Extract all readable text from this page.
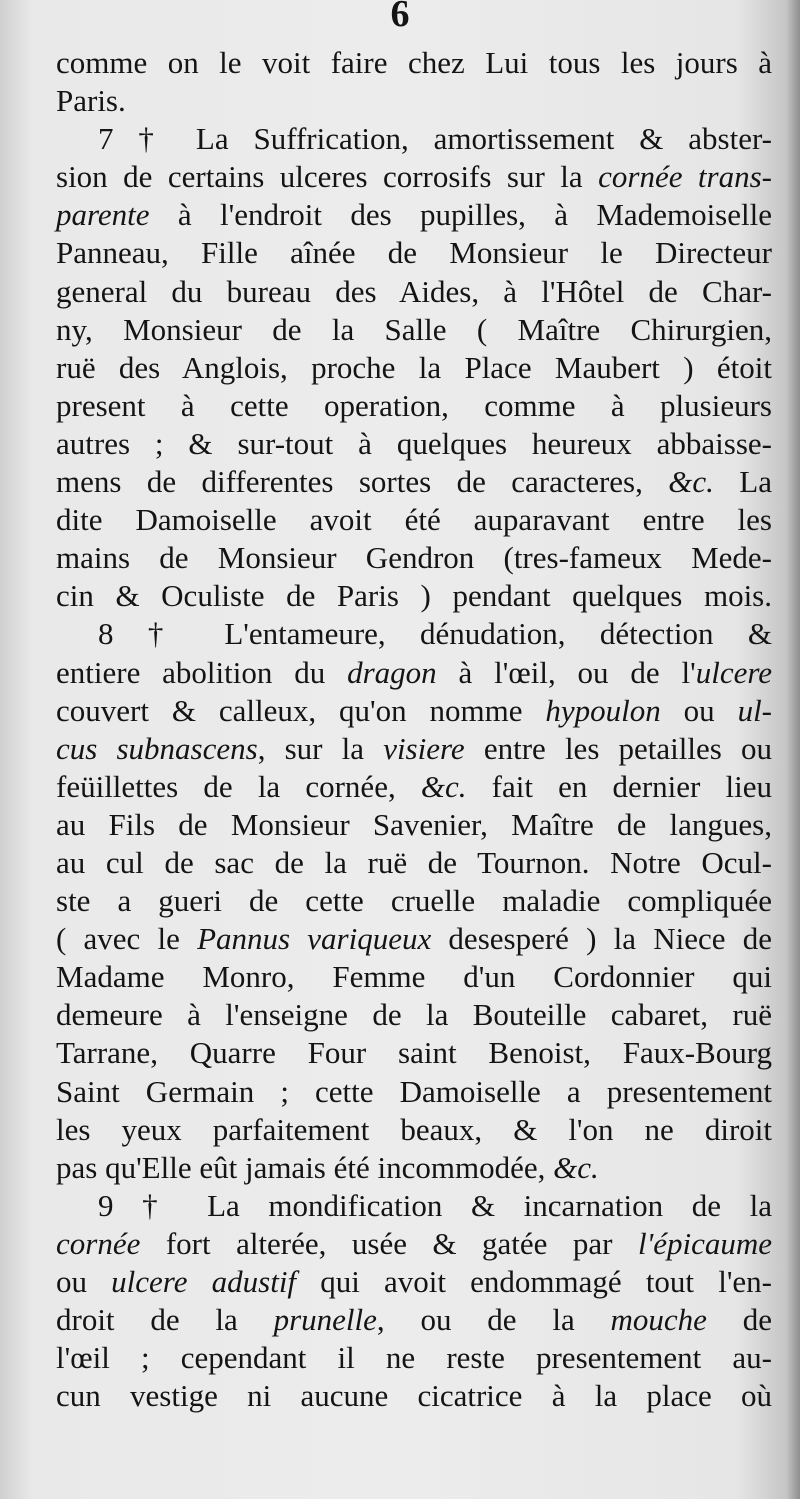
6
comme on le voit faire chez Lui tous les jours à
Paris.
7 † La Suffrication, amortissement & abster-
sion de certains ulceres corrosifs sur la cornée trans-
parente à l'endroit des pupilles, à Mademoiselle
Panneau, Fille aînée de Monsieur le Directeur
general du bureau des Aides, à l'Hôtel de Char-
ny, Monsieur de la Salle ( Maître Chirurgien,
ruë des Anglois, proche la Place Maubert ) étoit
present à cette operation, comme à plusieurs
autres ; & sur-tout à quelques heureux abbaisse-
mens de differentes sortes de caracteres, &c. La
dite Damoiselle avoit été auparavant entre les
mains de Monsieur Gendron (tres-fameux Mede-
cin & Oculiste de Paris ) pendant quelques mois.
8 † L'entameure, dénudation, détection &
entiere abolition du dragon à l'œil, ou de l'ulcere
couvert & calleux, qu'on nomme hypoulon ou ul-
cus subnascens, sur la visiere entre les petailles ou
feüillettes de la cornée, &c. fait en dernier lieu
au Fils de Monsieur Savenier, Maître de langues,
au cul de sac de la ruë de Tournon. Notre Ocul-
ste a gueri de cette cruelle maladie compliquée
( avec le Pannus variqueux desesperé ) la Niece de
Madame Monro, Femme d'un Cordonnier qui
demeure à l'enseigne de la Bouteille cabaret, ruë
Tarrane, Quarre Four saint Benoist, Faux-Bourg
Saint Germain ; cette Damoiselle a presentement
les yeux parfaitement beaux, & l'on ne diroit
pas qu'Elle eût jamais été incommodée, &c.
9 † La mondification & incarnation de la
cornée fort alterée, usée & gatée par l'épicaume
ou ulcere adustif qui avoit endommagé tout l'en-
droit de la prunelle, ou de la mouche de
l'œil ; cependant il ne reste presentement au-
cun vestige ni aucune cicatrice à la place où
